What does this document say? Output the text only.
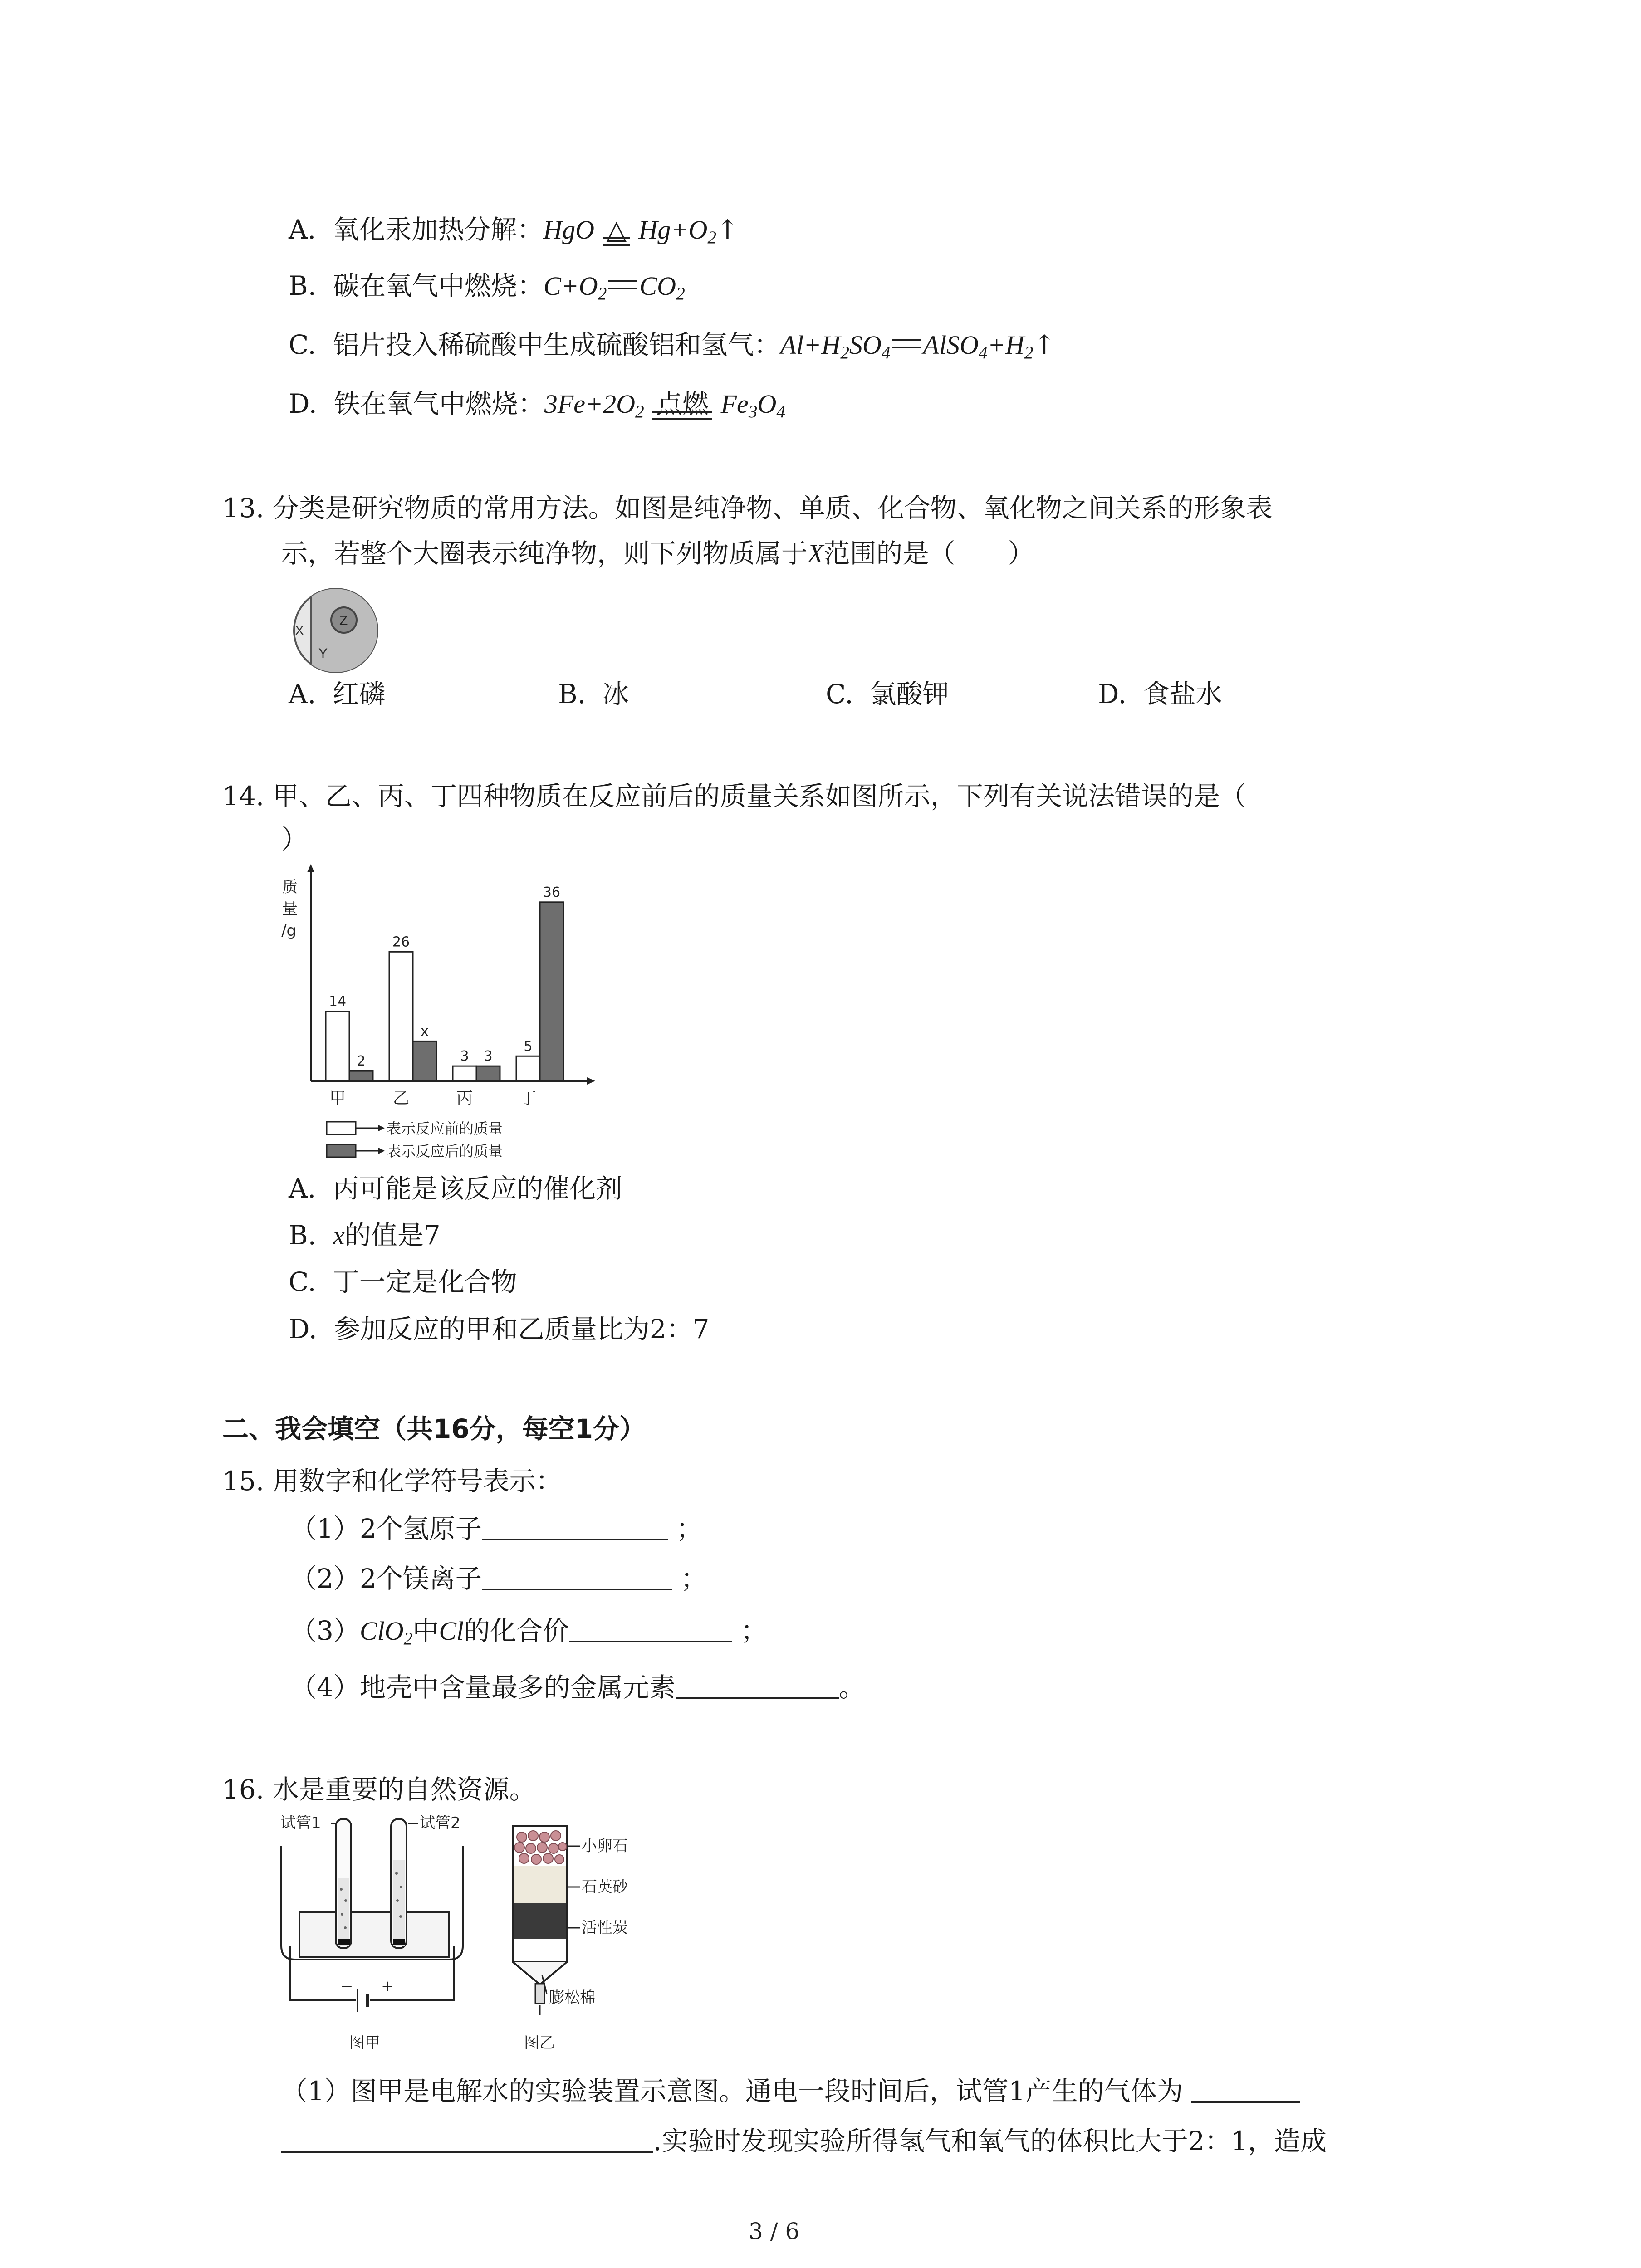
A. 氧化汞加热分解：HgO △ $Hg+O_2↑$
B. 碳在氧气中燃烧：$C+O_2$ $CO_2$
C. 铝片投入稀硫酸中生成硫酸铝和氢气：$Al+H_2SO_4$ $AlSO_4+H_2↑$
D. 铁在氧气中燃烧：$3Fe+2O_2$ 点燃 $Fe_3O_4$
13. 分类是研究物质的常用方法。如图是纯净物、单质、化合物、氧化物之间关系的形象表
示，若整个大圈表示纯净物，则下列物质属于X范围的是（　　）
X
Y
Z
A. 红磷	B. 冰	C. 氯酸钾	D. 食盐水
14. 甲、乙、丙、丁四种物质在反应前后的质量关系如图所示，下列有关说法错误的是（
）
质
量
/g
14
2
甲
26
x
乙
3 3
丙
5
36
丁
表示反应前的质量
表示反应后的质量
A. 丙可能是该反应的催化剂
B. x的值是7
C. 丁一定是化合物
D. 参加反应的甲和乙质量比为2：7
二、我会填空（共16分，每空1分）
15. 用数字和化学符号表示：
（1）2个氢原子	；
（2）2个镁离子	；
（3）ClO$_2$中Cl的化合价	；
（4）地壳中含量最多的金属元素	。
16. 水是重要的自然资源。
试管1	试管2
− +
图甲
小卵石
石英砂
活性炭
膨松棉
图乙
（1）图甲是电解水的实验装置示意图。通电一段时间后，试管1产生的气体为
.实验时发现实验所得氢气和氧气的体积比大于2：1，造成
3 / 6
